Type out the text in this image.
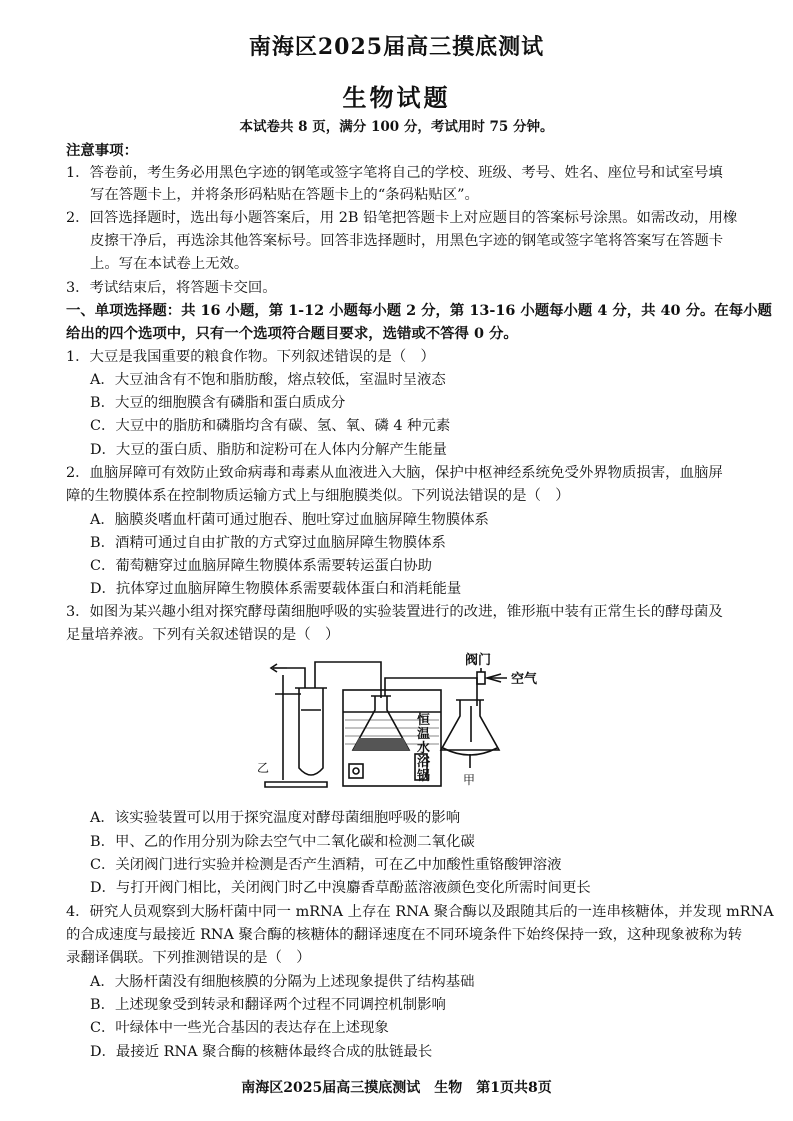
南海区2025届高三摸底测试
生物试题
本试卷共 8 页，满分 100 分，考试用时 75 分钟。
注意事项：
1．答卷前，考生务必用黑色字迹的钢笔或签字笔将自己的学校、班级、考号、姓名、座位号和试室号填
写在答题卡上，并将条形码粘贴在答题卡上的“条码粘贴区”。
2．回答选择题时，选出每小题答案后，用 2B 铅笔把答题卡上对应题目的答案标号涂黑。如需改动，用橡
皮擦干净后，再选涂其他答案标号。回答非选择题时，用黑色字迹的钢笔或签字笔将答案写在答题卡
上。写在本试卷上无效。
3．考试结束后，将答题卡交回。
一、单项选择题：共 16 小题，第 1-12 小题每小题 2 分，第 13-16 小题每小题 4 分，共 40 分。在每小题
给出的四个选项中，只有一个选项符合题目要求，选错或不答得 0 分。
1．大豆是我国重要的粮食作物。下列叙述错误的是（　）
A．大豆油含有不饱和脂肪酸，熔点较低，室温时呈液态
B．大豆的细胞膜含有磷脂和蛋白质成分
C．大豆中的脂肪和磷脂均含有碳、氢、氧、磷 4 种元素
D．大豆的蛋白质、脂肪和淀粉可在人体内分解产生能量
2．血脑屏障可有效防止致命病毒和毒素从血液进入大脑，保护中枢神经系统免受外界物质损害，血脑屏
障的生物膜体系在控制物质运输方式上与细胞膜类似。下列说法错误的是（　）
A．脑膜炎嗜血杆菌可通过胞吞、胞吐穿过血脑屏障生物膜体系
B．酒精可通过自由扩散的方式穿过血脑屏障生物膜体系
C．葡萄糖穿过血脑屏障生物膜体系需要转运蛋白协助
D．抗体穿过血脑屏障生物膜体系需要载体蛋白和消耗能量
3．如图为某兴趣小组对探究酵母菌细胞呼吸的实验装置进行的改进，锥形瓶中装有正常生长的酵母菌及
足量培养液。下列有关叙述错误的是（　）
阀门
空气
恒
温
水
浴
锅	甲
乙
A．该实验装置可以用于探究温度对酵母菌细胞呼吸的影响
B．甲、乙的作用分别为除去空气中二氧化碳和检测二氧化碳
C．关闭阀门进行实验并检测是否产生酒精，可在乙中加酸性重铬酸钾溶液
D．与打开阀门相比，关闭阀门时乙中溴麝香草酚蓝溶液颜色变化所需时间更长
4．研究人员观察到大肠杆菌中同一 mRNA 上存在 RNA 聚合酶以及跟随其后的一连串核糖体，并发现 mRNA
的合成速度与最接近 RNA 聚合酶的核糖体的翻译速度在不同环境条件下始终保持一致，这种现象被称为转
录翻译偶联。下列推测错误的是（　）
A．大肠杆菌没有细胞核膜的分隔为上述现象提供了结构基础
B．上述现象受到转录和翻译两个过程不同调控机制影响
C．叶绿体中一些光合基因的表达存在上述现象
D．最接近 RNA 聚合酶的核糖体最终合成的肽链最长
南海区2025届高三摸底测试　生物　第1页共8页
